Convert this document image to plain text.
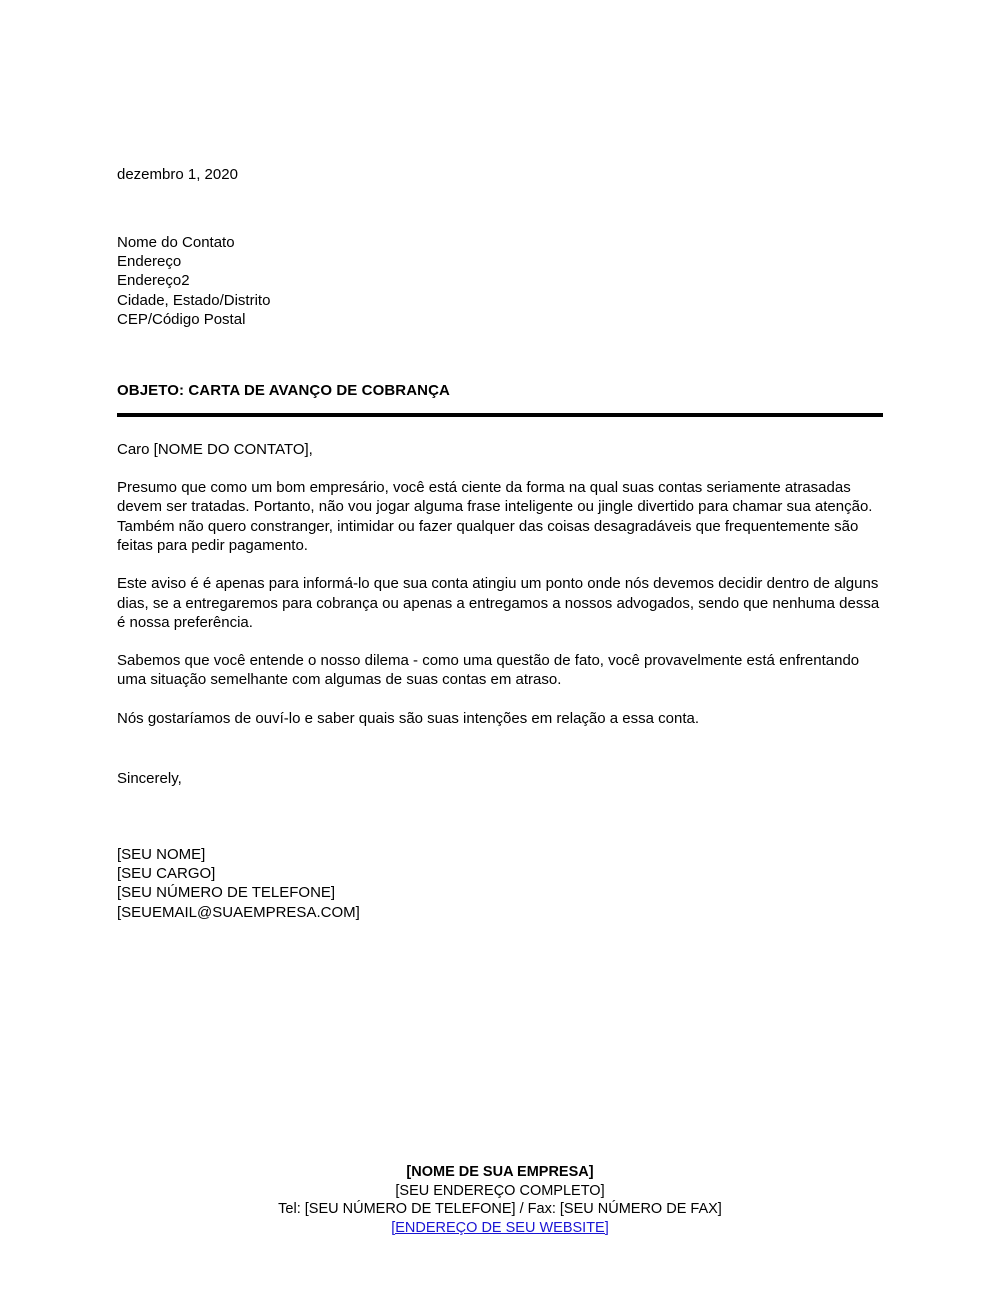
dezembro 1, 2020
Nome do Contato
Endereço
Endereço2
Cidade, Estado/Distrito
CEP/Código Postal
OBJETO: CARTA DE AVANÇO DE COBRANÇA
Caro [NOME DO CONTATO],
Presumo que como um bom empresário, você está ciente da forma na qual suas contas seriamente atrasadas devem ser tratadas. Portanto, não vou jogar alguma frase inteligente ou jingle divertido para chamar sua atenção. Também não quero constranger, intimidar ou fazer qualquer das coisas desagradáveis que frequentemente são feitas para pedir pagamento.
Este aviso é é apenas para informá-lo que sua conta atingiu um ponto onde nós devemos decidir dentro de alguns dias, se a entregaremos para cobrança ou apenas a entregamos a nossos advogados, sendo que nenhuma dessa é nossa preferência.
Sabemos que você entende o nosso dilema - como uma questão de fato, você provavelmente está enfrentando uma situação semelhante com algumas de suas contas em atraso.
Nós gostaríamos de ouví-lo e saber quais são suas intenções em relação a essa conta.
Sincerely,
[SEU NOME]
[SEU CARGO]
[SEU NÚMERO DE TELEFONE]
[SEUEMAIL@SUAEMPRESA.COM]
[NOME DE SUA EMPRESA]
[SEU ENDEREÇO COMPLETO]
Tel: [SEU NÚMERO DE TELEFONE] / Fax: [SEU NÚMERO DE FAX]
[ENDEREÇO DE SEU WEBSITE]
